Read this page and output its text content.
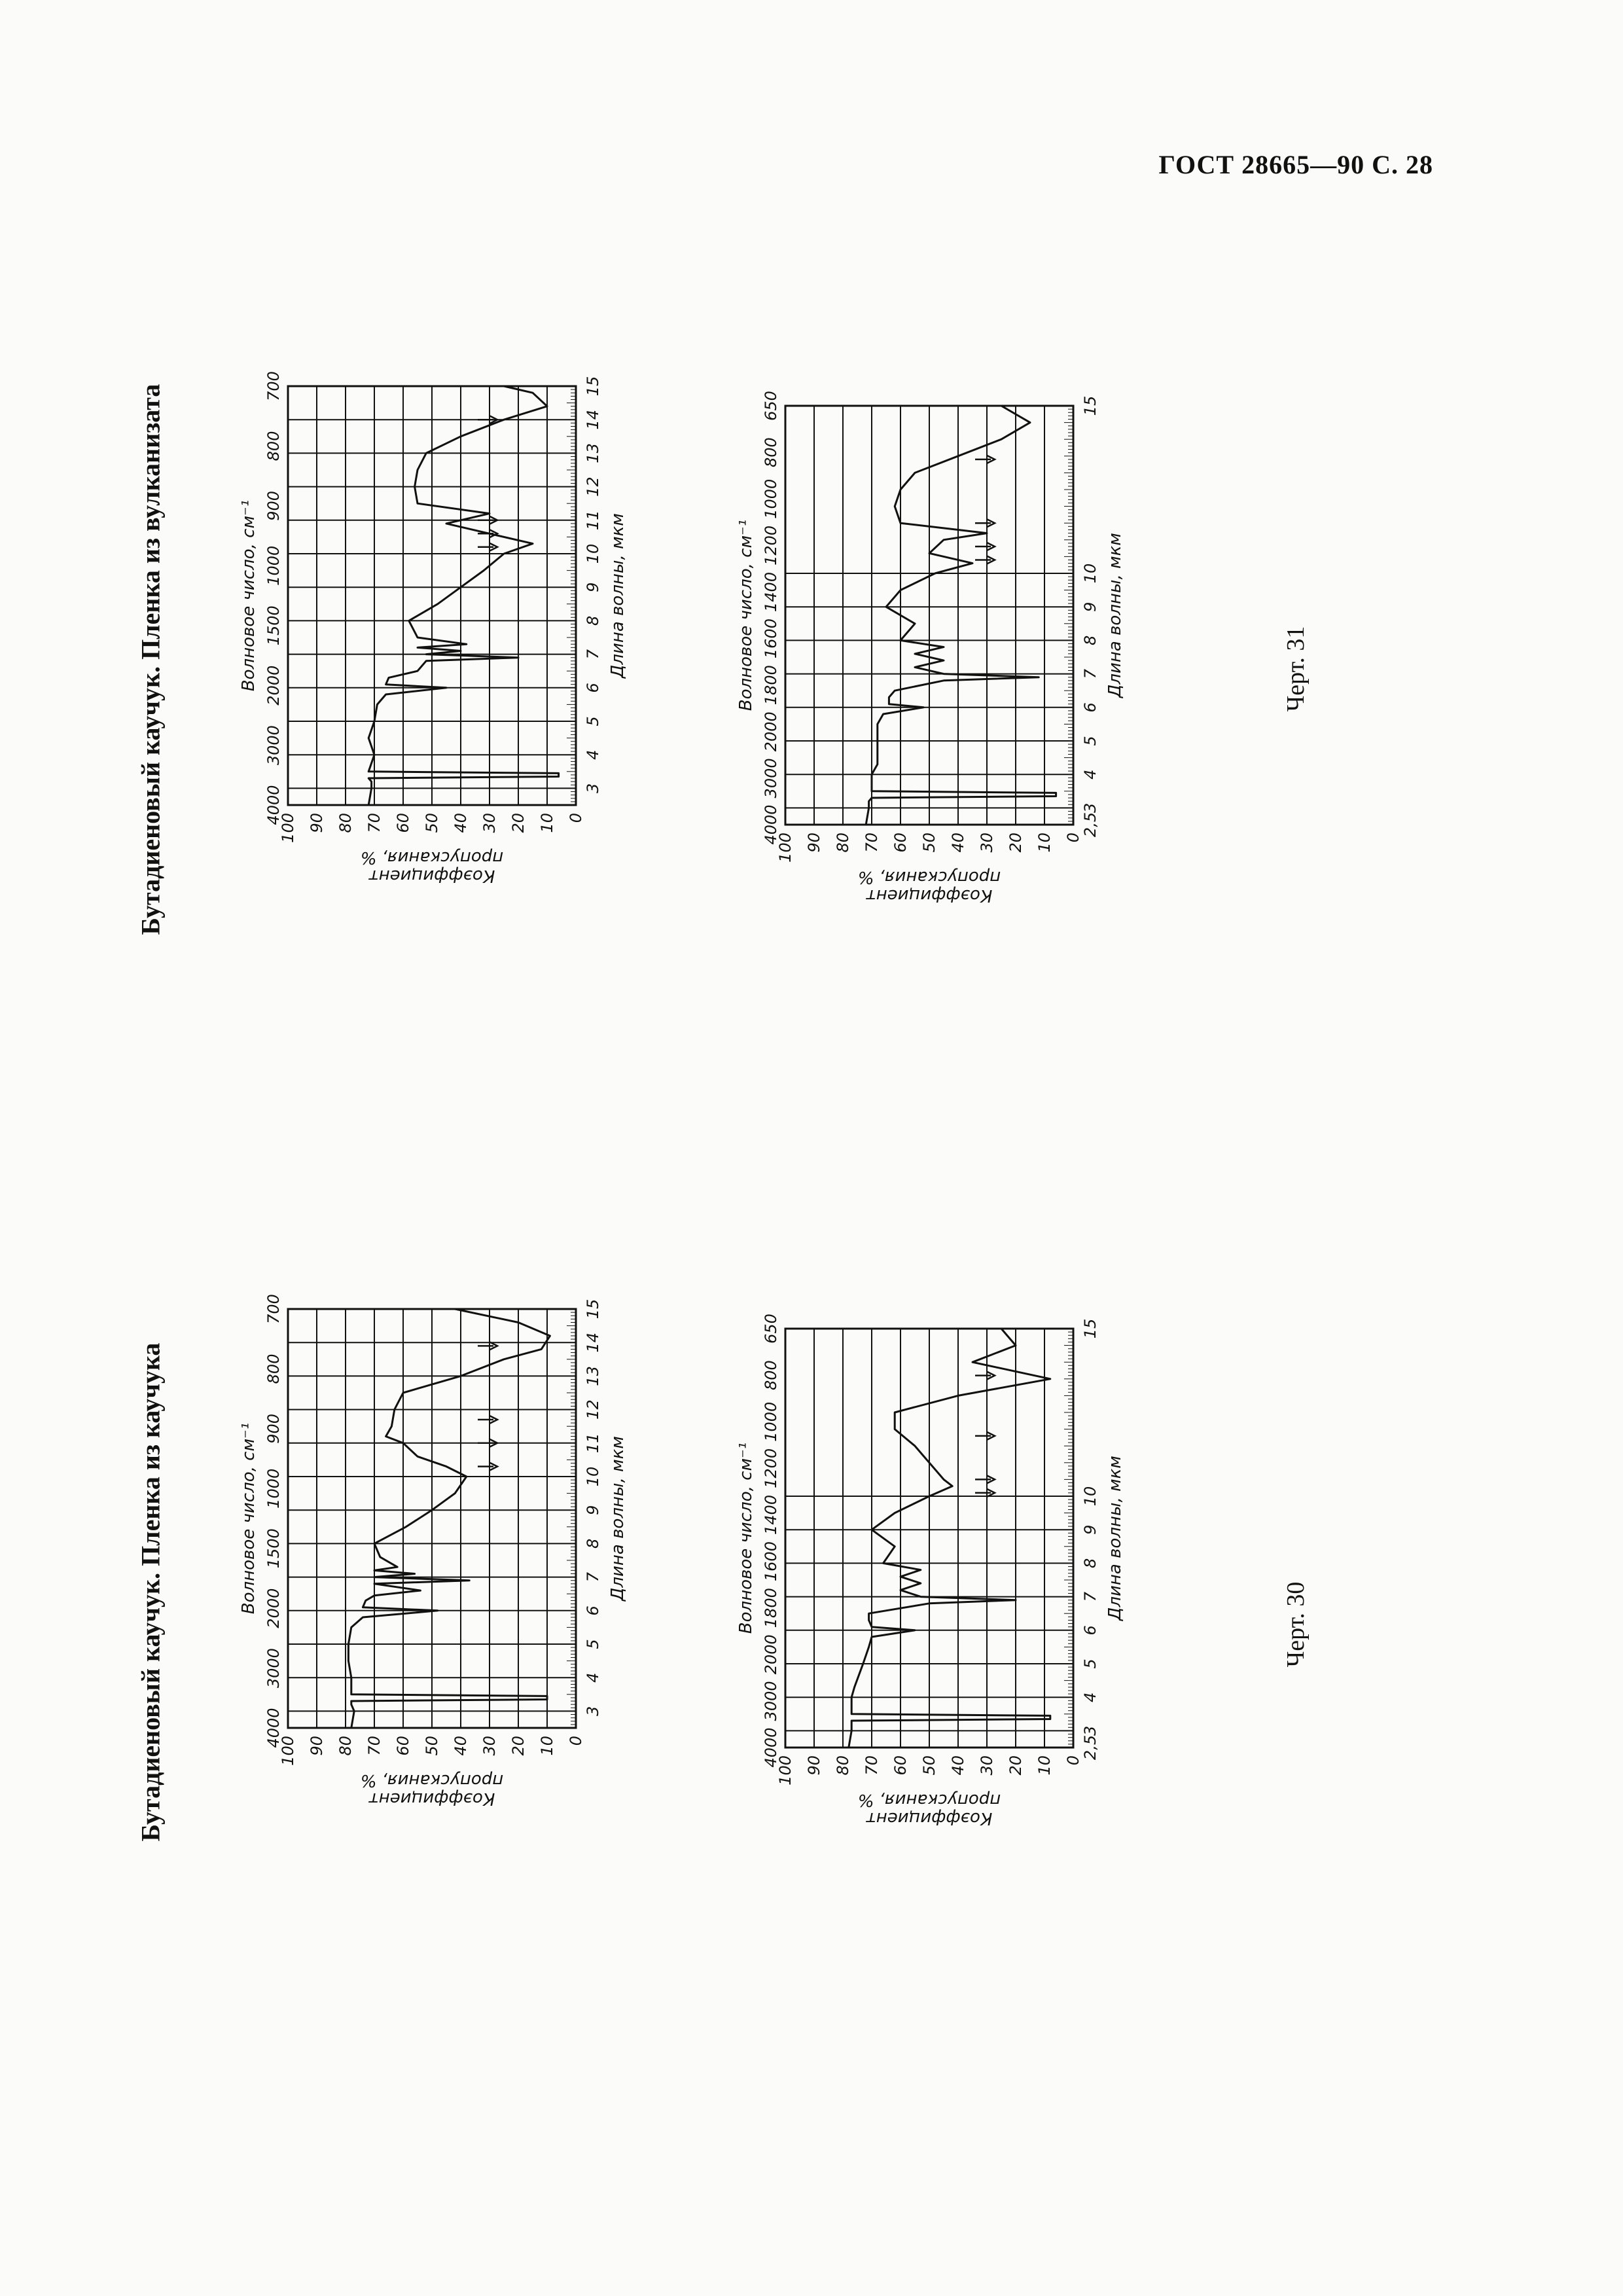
ГОСТ 28665—90 С. 28
Бутадиеновый каучук. Пленка из каучука
Бутадиеновый каучук. Пленка из вулканизата
Черт. 30
Черт. 31
100 90 80 70 60 50 40 30 20 10 0
3
4
5
6
7
8
9
10
11
12
13
14
15
4000
3000
2000
1500
1000
900
800
700
Волновое число, см⁻¹	Длина волны, мкм
Коэффициент
пропускания, %	100 90 80 70 60 50 40 30 20 10 0
2,5
3
4
5
6
7
8
9
10
15
4000
3000
2000
1800
1600
1400
1200
1000
800
650
Волновое число, см⁻¹	Длина волны, мкм
Коэффициент
пропускания, %
100 90 80 70 60 50 40 30 20 10 0
3
4
5
6
7
8
9
10
11
12
13
14
15
4000
3000
2000
1500
1000
900
800
700
Волновое число, см⁻¹	Длина волны, мкм
Коэффициент
пропускания, %	100 90 80 70 60 50 40 30 20 10 0
2,5
3
4
5
6
7
8
9
10
15
4000
3000
2000
1800
1600
1400
1200
1000
800
650
Волновое число, см⁻¹	Длина волны, мкм
Коэффициент
пропускания, %
